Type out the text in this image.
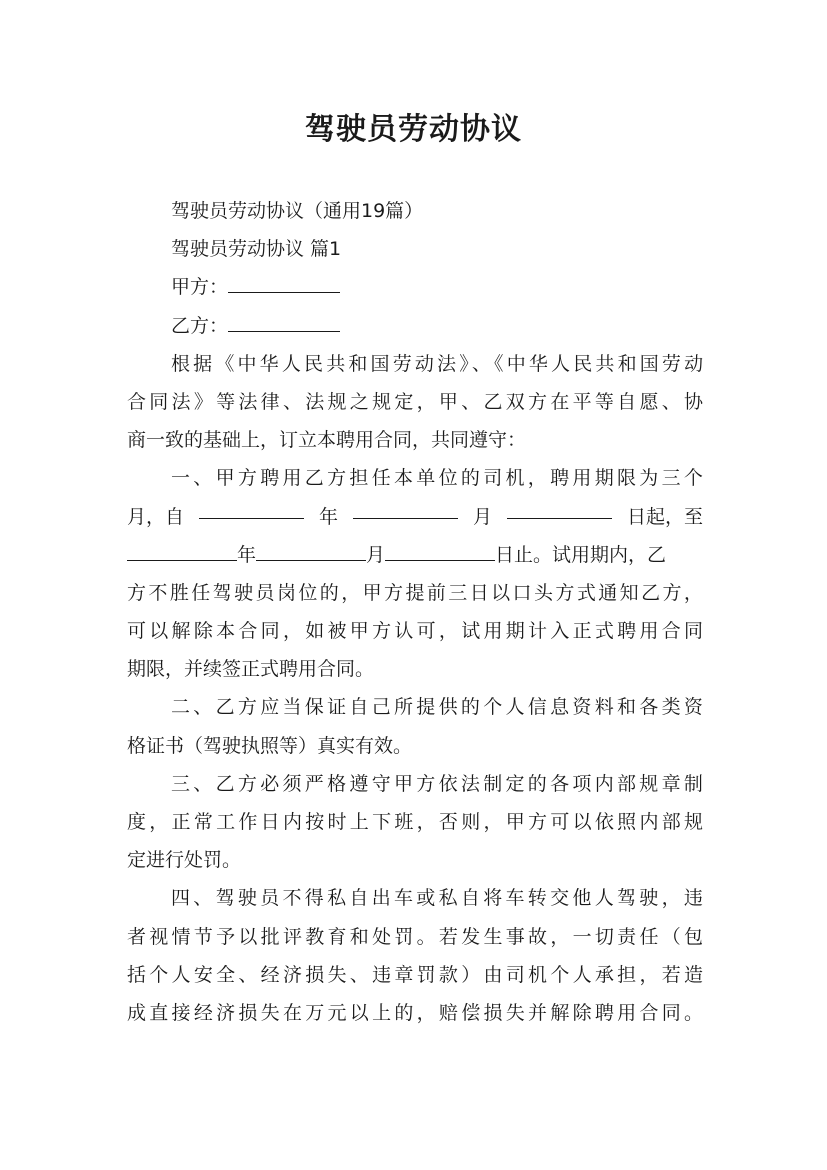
驾驶员劳动协议
驾驶员劳动协议（通用19篇）
驾驶员劳动协议 篇1
甲方：
乙方：
根据《中华人民共和国劳动法》、《中华人民共和国劳动
合同法》等法律、法规之规定，甲、乙双方在平等自愿、协
商一致的基础上，订立本聘用合同，共同遵守：
一、甲方聘用乙方担任本单位的司机，聘用期限为三个
月，自	年	月	日起，至
年	月	日止。试用期内，乙
方不胜任驾驶员岗位的，甲方提前三日以口头方式通知乙方，
可以解除本合同，如被甲方认可，试用期计入正式聘用合同
期限，并续签正式聘用合同。
二、乙方应当保证自己所提供的个人信息资料和各类资
格证书（驾驶执照等）真实有效。
三、乙方必须严格遵守甲方依法制定的各项内部规章制
度，正常工作日内按时上下班，否则，甲方可以依照内部规
定进行处罚。
四、驾驶员不得私自出车或私自将车转交他人驾驶，违
者视情节予以批评教育和处罚。若发生事故，一切责任（包
括个人安全、经济损失、违章罚款）由司机个人承担，若造
成直接经济损失在万元以上的，赔偿损失并解除聘用合同。
